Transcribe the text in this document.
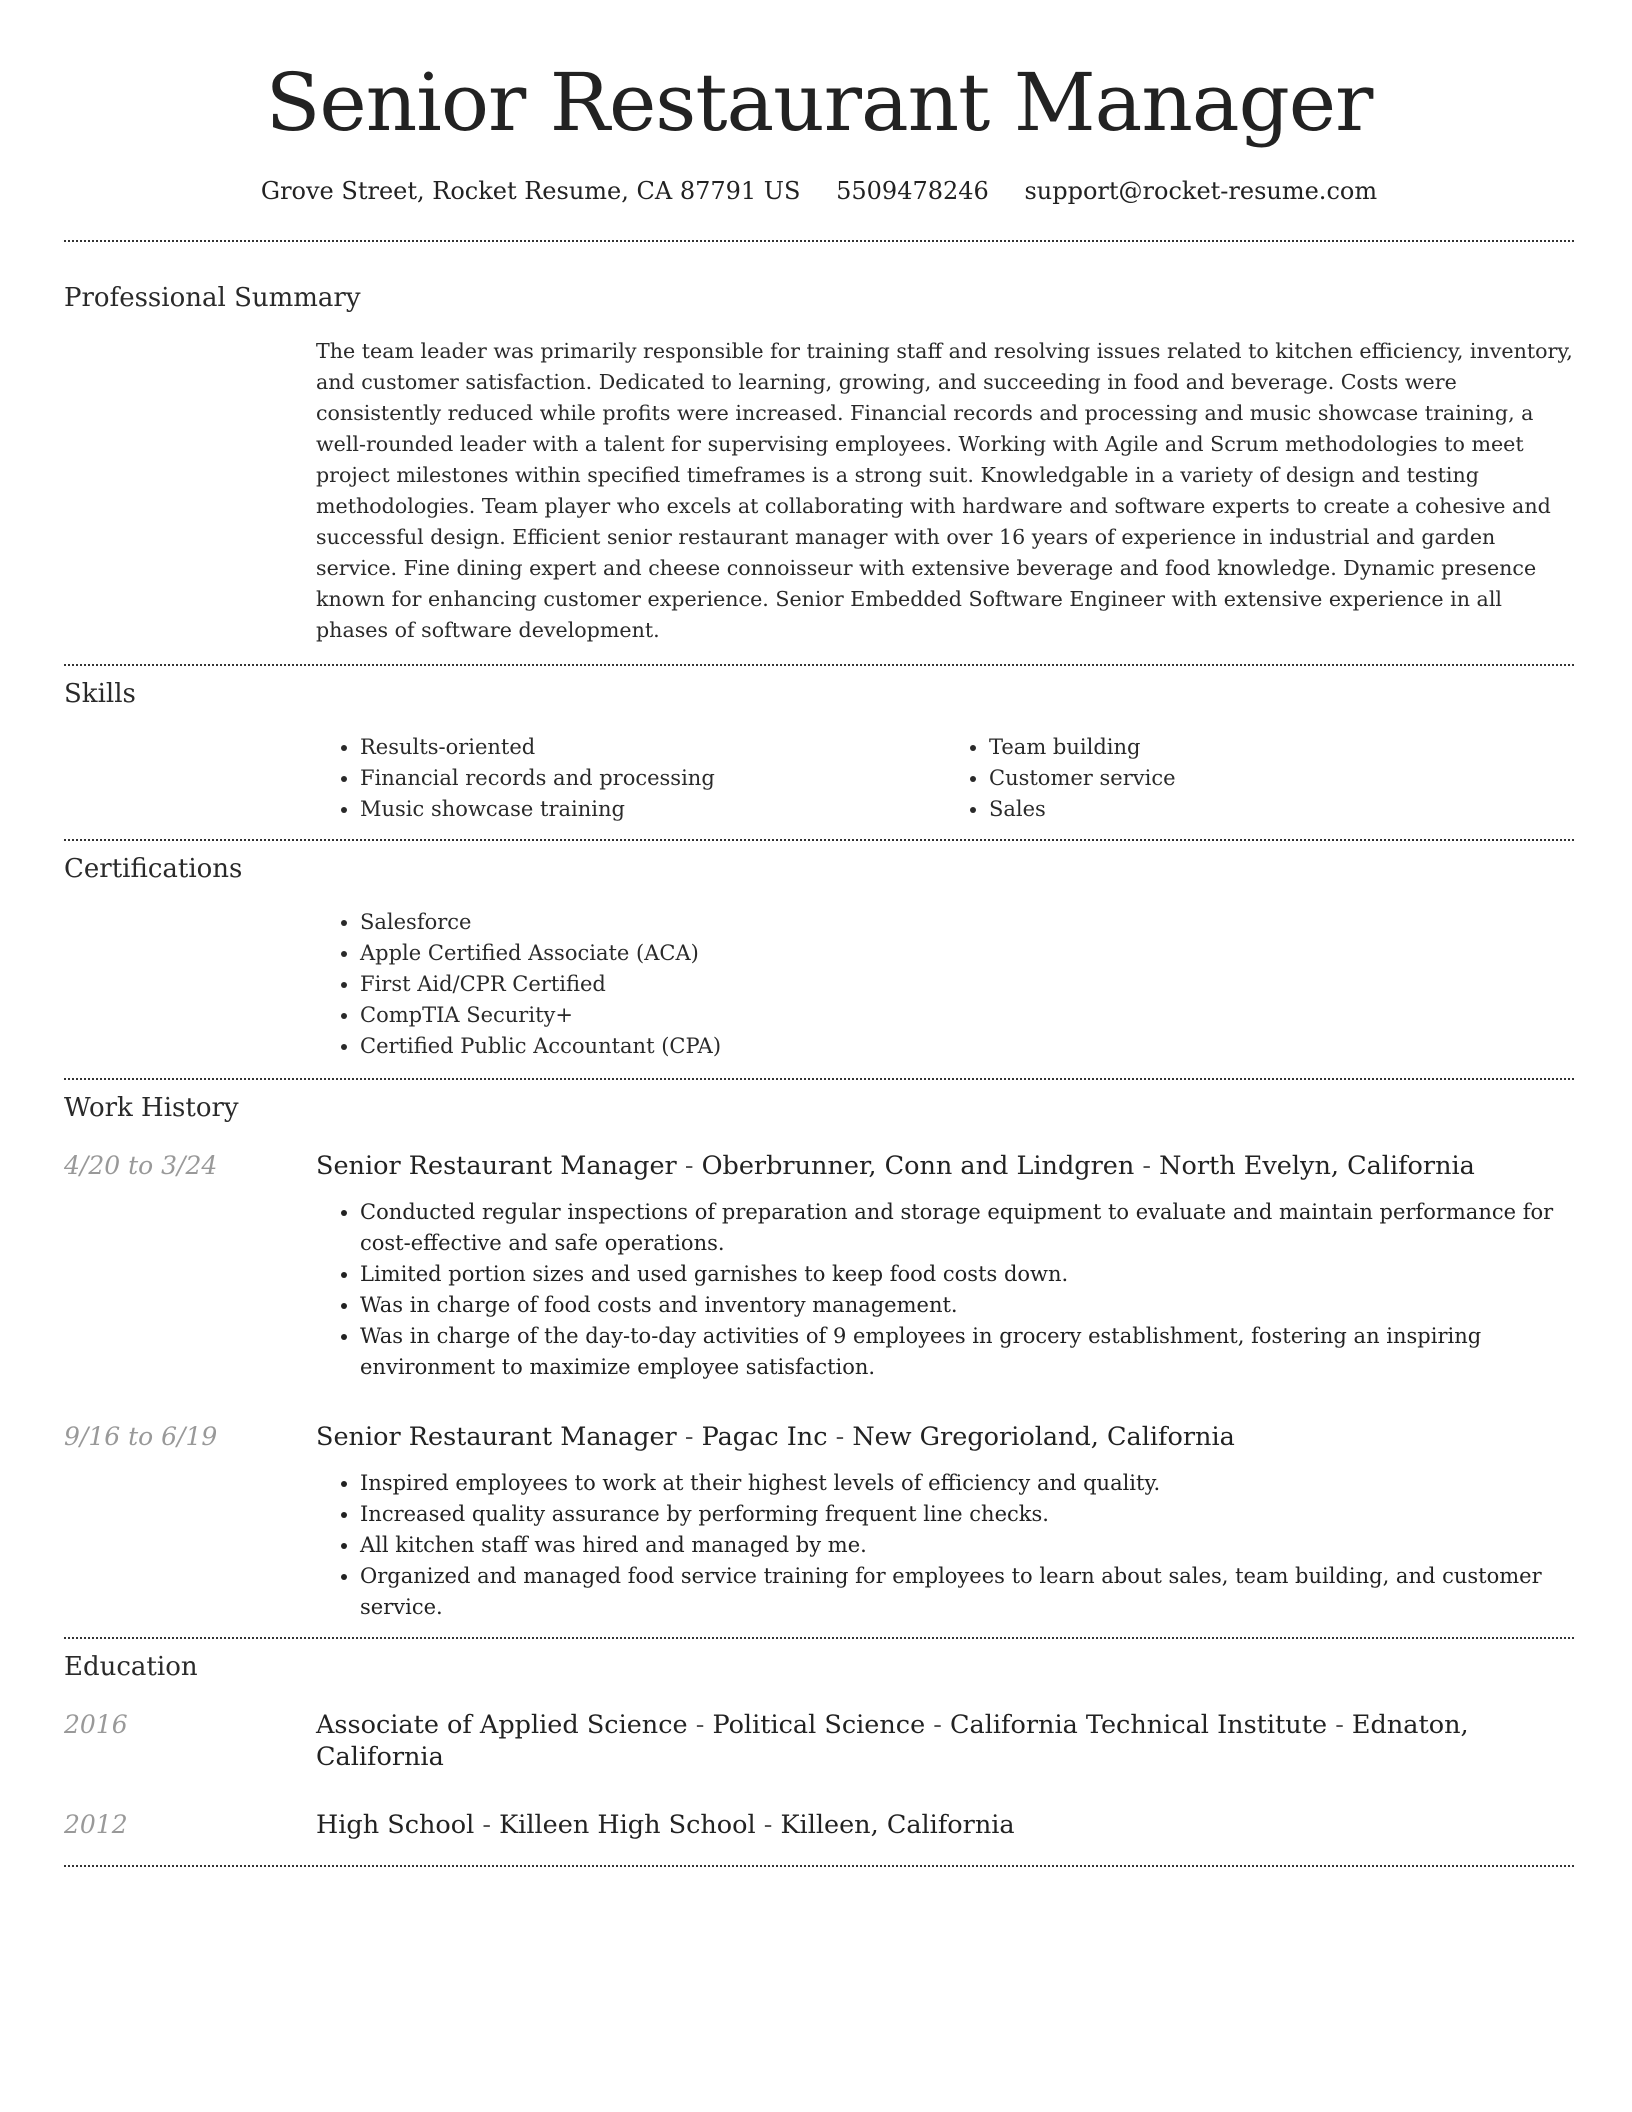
Senior Restaurant Manager
Grove Street, Rocket Resume, CA 87791 US 5509478246 support@rocket-resume.com
Professional Summary

The team leader was primarily responsible for training staff and resolving issues related to kitchen efficiency, inventory, and customer satisfaction. Dedicated to learning, growing, and succeeding in food and beverage. Costs were consistently reduced while profits were increased. Financial records and processing and music showcase training, a well-rounded leader with a talent for supervising employees. Working with Agile and Scrum methodologies to meet project milestones within specified timeframes is a strong suit. Knowledgable in a variety of design and testing methodologies. Team player who excels at collaborating with hardware and software experts to create a cohesive and successful design. Efficient senior restaurant manager with over 16 years of experience in industrial and garden service. Fine dining expert and cheese connoisseur with extensive beverage and food knowledge. Dynamic presence known for enhancing customer experience. Senior Embedded Software Engineer with extensive experience in all phases of software development.

Skills
• Results-oriented
• Financial records and processing
• Music showcase training
• Team building
• Customer service
• Sales
Certifications
• Salesforce
• Apple Certified Associate (ACA)
• First Aid/CPR Certified
• CompTIA Security+
• Certified Public Accountant (CPA)
Work History
4/20 to 3/24	Senior Restaurant Manager - Oberbrunner, Conn and Lindgren - North Evelyn, California
• Conducted regular inspections of preparation and storage equipment to evaluate and maintain performance for cost-effective and safe operations.
• Limited portion sizes and used garnishes to keep food costs down.
• Was in charge of food costs and inventory management.
• Was in charge of the day-to-day activities of 9 employees in grocery establishment, fostering an inspiring environment to maximize employee satisfaction.
9/16 to 6/19	Senior Restaurant Manager - Pagac Inc - New Gregorioland, California
• Inspired employees to work at their highest levels of efficiency and quality.
• Increased quality assurance by performing frequent line checks.
• All kitchen staff was hired and managed by me.
• Organized and managed food service training for employees to learn about sales, team building, and customer service.
Education
2016	Associate of Applied Science - Political Science - California Technical Institute - Ednaton, California
2012	High School - Killeen High School - Killeen, California
